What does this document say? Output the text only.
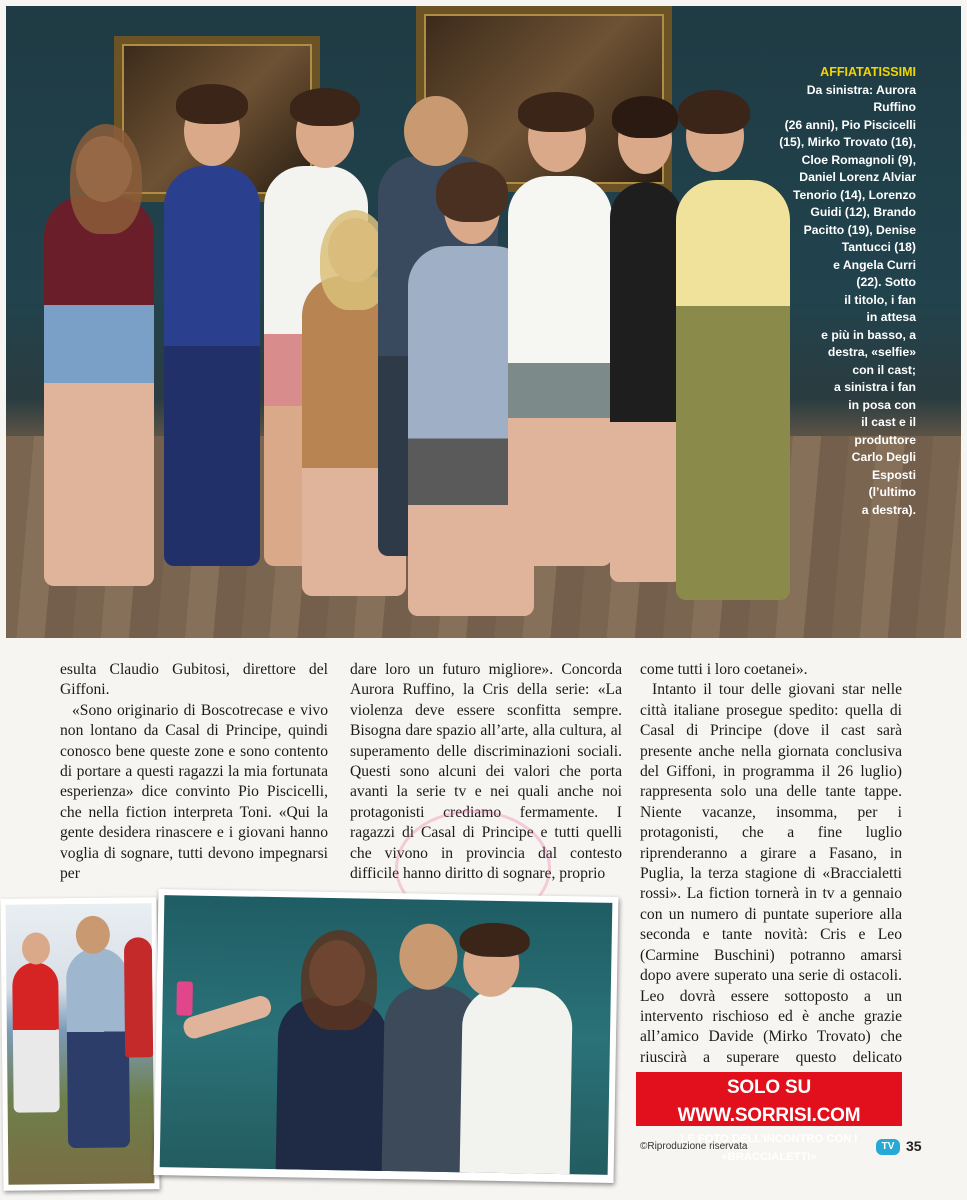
AFFIATATISSIMI
Da sinistra: Aurora Ruffino
(26 anni), Pio Piscicelli
(15), Mirko Trovato (16),
Cloe Romagnoli (9),
Daniel Lorenz Alviar
Tenorio (14), Lorenzo
Guidi (12), Brando
Pacitto (19), Denise
Tantucci (18)
e Angela Curri
(22). Sotto
il titolo, i fan
in attesa
e più in basso, a
destra, «selfie»
con il cast;
a sinistra i fan
in posa con
il cast e il
produttore
Carlo Degli
Esposti
(l’ultimo
a destra).

esulta Claudio Gubitosi, direttore del Giffoni.

«Sono originario di Boscotrecase e vivo non lontano da Casal di Principe, quindi conosco bene queste zone e sono contento di portare a questi ragazzi la mia fortunata esperienza» dice convinto Pio Piscicelli, che nella fiction interpreta Toni. «Qui la gente desidera rinascere e i giovani hanno voglia di sognare, tutti devono impegnarsi per

dare loro un futuro migliore». Concorda Aurora Ruffino, la Cris della serie: «La violenza deve essere sconfitta sempre. Bisogna dare spazio all’arte, alla cultura, al superamento delle discriminazioni sociali. Questi sono alcuni dei valori che porta avanti la serie tv e nei quali anche noi protagonisti crediamo fermamente. I ragazzi di Casal di Principe e tutti quelli che vivono in provincia dal contesto difficile hanno diritto di sognare, proprio

come tutti i loro coetanei».

Intanto il tour delle giovani star nelle città italiane prosegue spedito: quella di Casal di Principe (dove il cast sarà presente anche nella giornata conclusiva del Giffoni, in programma il 26 luglio) rappresenta solo una delle tante tappe. Niente vacanze, insomma, per i protagonisti, che a fine luglio riprenderanno a girare a Fasano, in Puglia, la terza stagione di «Braccialetti rossi». La fiction tornerà in tv a gennaio con un numero di puntate superiore alla seconda e tante novità: Cris e Leo (Carmine Buschini) potranno amarsi dopo avere superato una serie di ostacoli. Leo dovrà essere sottoposto a un intervento rischioso ed è anche grazie all’amico Davide (Mirko Trovato) che riuscirà a superare questo delicato

SOLO SU WWW.SORRISI.COM
LE FOTO DELL’INCONTRO CON I «BRACCIALETTI»
©Riproduzione riservata	TV 35
